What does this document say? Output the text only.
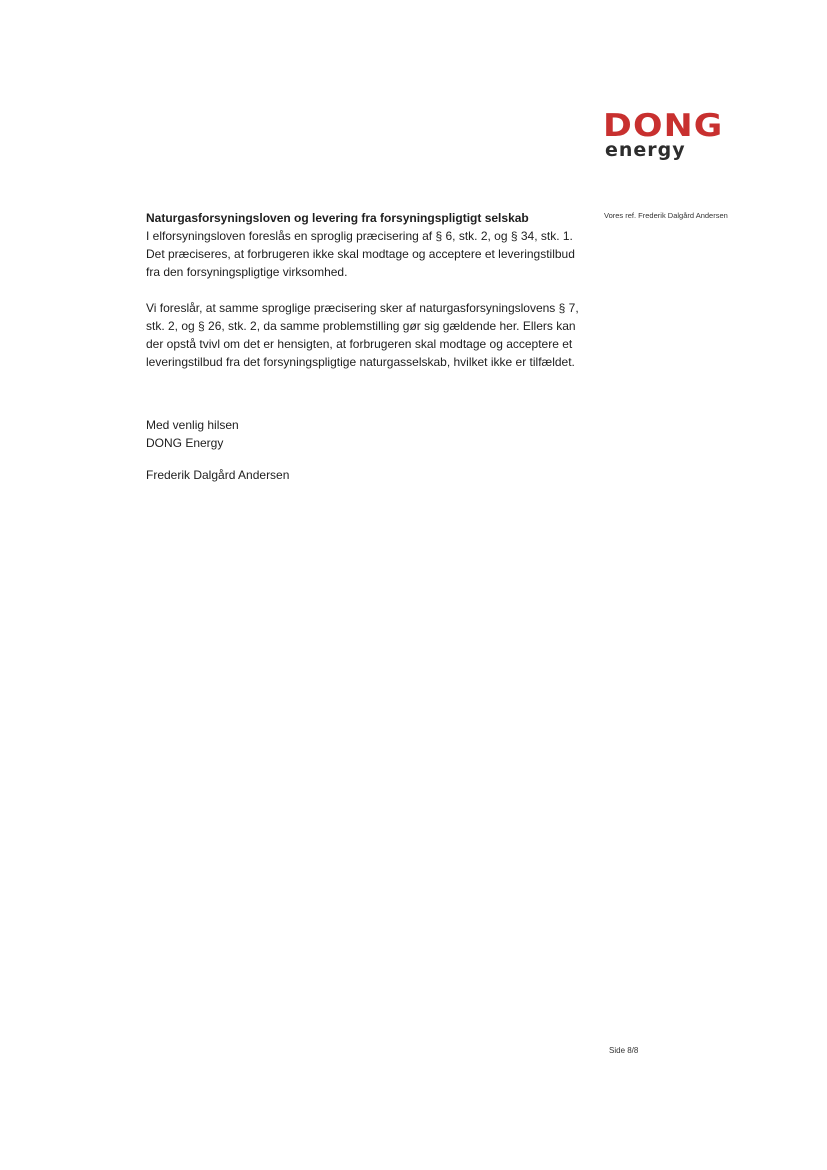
DONG
energy
Vores ref. Frederik Dalgård Andersen
Naturgasforsyningsloven og levering fra forsyningspligtigt selskab

I elforsyningsloven foreslås en sproglig præcisering af § 6, stk. 2, og § 34, stk. 1. Det præciseres, at forbrugeren ikke skal modtage og acceptere et leveringstilbud fra den forsyningspligtige virksomhed.

Vi foreslår, at samme sproglige præcisering sker af naturgasforsyningslovens § 7, stk. 2, og § 26, stk. 2, da samme problemstilling gør sig gældende her. Ellers kan der opstå tvivl om det er hensigten, at forbrugeren skal modtage og acceptere et leveringstilbud fra det forsyningspligtige naturgasselskab, hvilket ikke er tilfældet.

Med venlig hilsen
DONG Energy
Frederik Dalgård Andersen
Side 8/8
